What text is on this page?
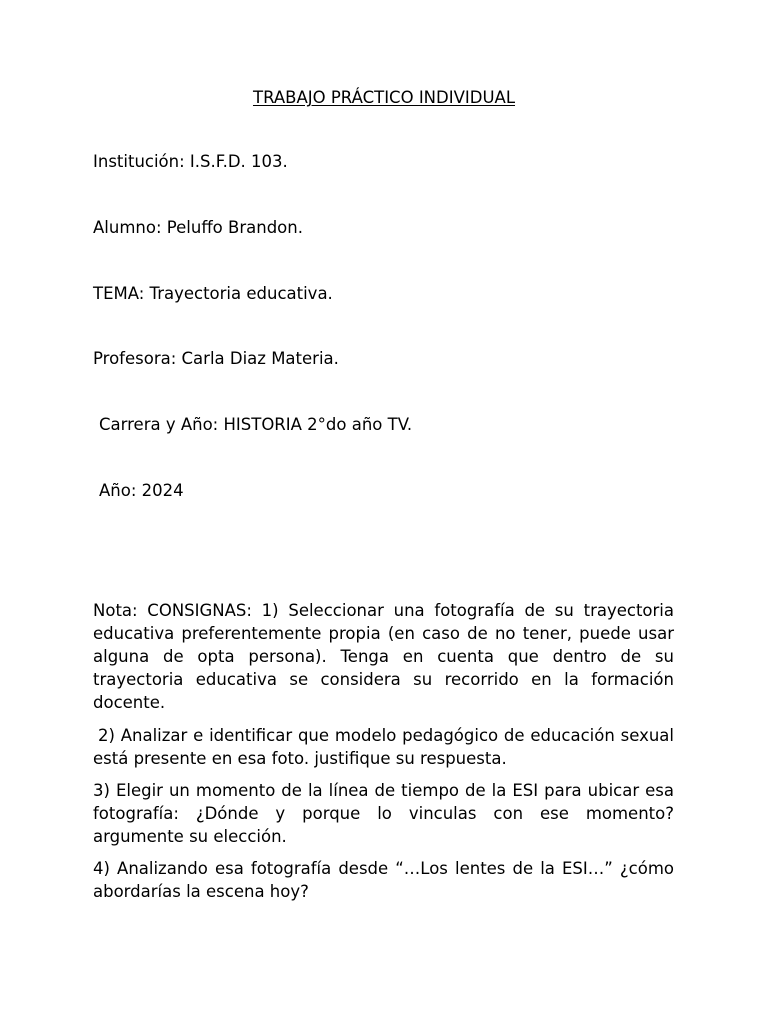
TRABAJO PRÁCTICO INDIVIDUAL
Institución: I.S.F.D. 103.
Alumno: Peluffo Brandon.
TEMA: Trayectoria educativa.
Profesora: Carla Diaz Materia.
Carrera y Año: HISTORIA 2°do año TV.
Año: 2024
Nota: CONSIGNAS: 1) Seleccionar una fotografía de su trayectoria educativa preferentemente propia (en caso de no tener, puede usar alguna de opta persona). Tenga en cuenta que dentro de su trayectoria educativa se considera su recorrido en la formación docente.
2) Analizar e identificar que modelo pedagógico de educación sexual está presente en esa foto. justifique su respuesta.
3) Elegir un momento de la línea de tiempo de la ESI para ubicar esa fotografía: ¿Dónde y porque lo vinculas con ese momento? argumente su elección.
4) Analizando esa fotografía desde “…Los lentes de la ESI…” ¿cómo abordarías la escena hoy?
